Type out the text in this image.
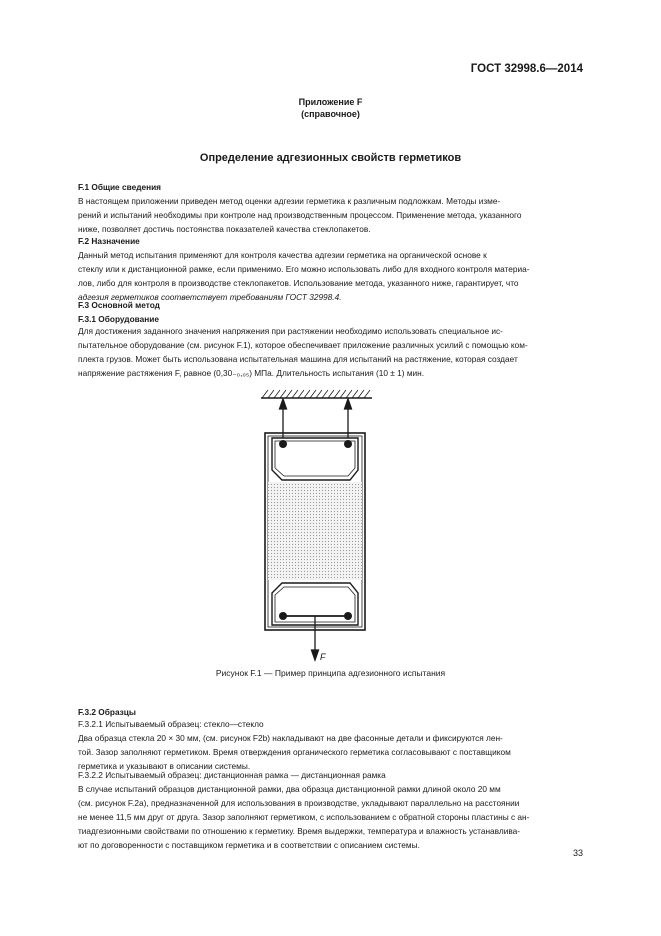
ГОСТ 32998.6—2014
Приложение F
(справочное)
Определение адгезионных свойств герметиков
F.1 Общие сведения
В настоящем приложении приведен метод оценки адгезии герметика к различным подложкам. Методы изме-
рений и испытаний необходимы при контроле над производственным процессом. Применение метода, указанного
ниже, позволяет достичь постоянства показателей качества стеклопакетов.
F.2 Назначение
Данный метод испытания применяют для контроля качества адгезии герметика на органической основе к
стеклу или к дистанционной рамке, если применимо. Его можно использовать либо для входного контроля материа-
лов, либо для контроля в производстве стеклопакетов. Использование метода, указанного ниже, гарантирует, что
адгезия герметиков соответствует требованиям ГОСТ 32998.4.
F.3 Основной метод
F.3.1 Оборудование
Для достижения заданного значения напряжения при растяжении необходимо использовать специальное ис-
пытательное оборудование (см. рисунок F.1), которое обеспечивает приложение различных усилий с помощью ком-
плекта грузов. Может быть использована испытательная машина для испытаний на растяжение, которая создает
напряжение растяжения F, равное (0,30₋₀,₀₅) МПа. Длительность испытания (10 ± 1) мин.
F
Рисунок F.1 — Пример принципа адгезионного испытания
F.3.2 Образцы
F.3.2.1 Испытываемый образец: стекло—стекло
Два образца стекла 20 × 30 мм, (см. рисунок F2b) накладывают на две фасонные детали и фиксируются лен-
той. Зазор заполняют герметиком. Время отверждения органического герметика согласовывают с поставщиком
герметика и указывают в описании системы.
F.3.2.2 Испытываемый образец: дистанционная рамка — дистанционная рамка
В случае испытаний образцов дистанционной рамки, два образца дистанционной рамки длиной около 20 мм
(см. рисунок F.2a), предназначенной для использования в производстве, укладывают параллельно на расстоянии
не менее 11,5 мм друг от друга. Зазор заполняют герметиком, с использованием с обратной стороны пластины с ан-
тиадгезионными свойствами по отношению к герметику. Время выдержки, температура и влажность устанавлива-
ют по договоренности с поставщиком герметика и в соответствии с описанием системы.
33
